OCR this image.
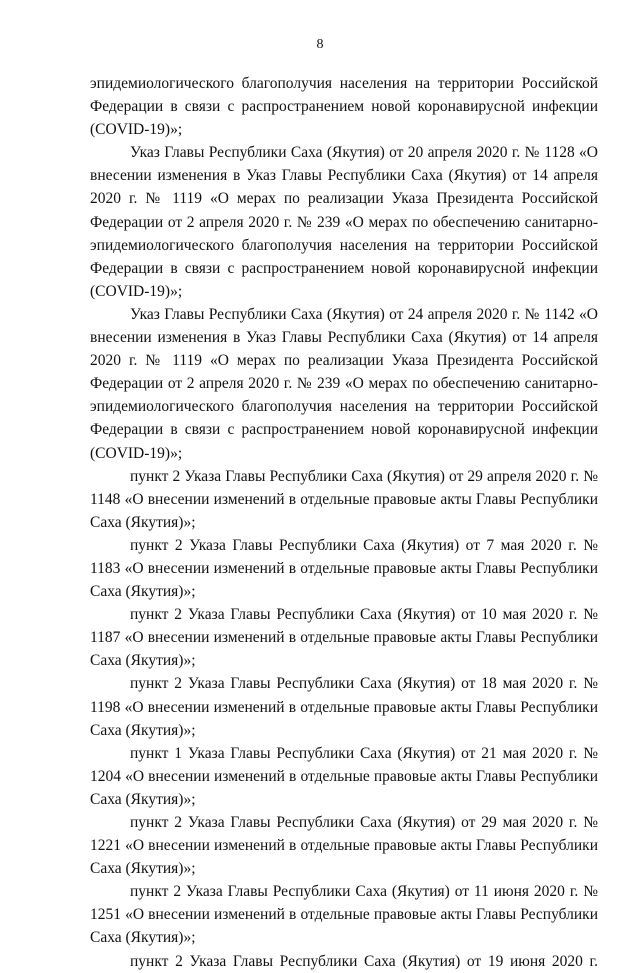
8

эпидемиологического благополучия населения на территории Российской Федерации в связи с распространением новой коронавирусной инфекции (COVID-19)»;

Указ Главы Республики Саха (Якутия) от 20 апреля 2020 г. № 1128 «О внесении изменения в Указ Главы Республики Саха (Якутия) от 14 апреля 2020 г. № 1119 «О мерах по реализации Указа Президента Российской Федерации от 2 апреля 2020 г. № 239 «О мерах по обеспечению санитарно-эпидемиологического благополучия населения на территории Российской Федерации в связи с распространением новой коронавирусной инфекции (COVID-19)»;

Указ Главы Республики Саха (Якутия) от 24 апреля 2020 г. № 1142 «О внесении изменения в Указ Главы Республики Саха (Якутия) от 14 апреля 2020 г. № 1119 «О мерах по реализации Указа Президента Российской Федерации от 2 апреля 2020 г. № 239 «О мерах по обеспечению санитарно-эпидемиологического благополучия населения на территории Российской Федерации в связи с распространением новой коронавирусной инфекции (COVID-19)»;

пункт 2 Указа Главы Республики Саха (Якутия) от 29 апреля 2020 г. № 1148 «О внесении изменений в отдельные правовые акты Главы Республики Саха (Якутия)»;

пункт 2 Указа Главы Республики Саха (Якутия) от 7 мая 2020 г. № 1183 «О внесении изменений в отдельные правовые акты Главы Республики Саха (Якутия)»;

пункт 2 Указа Главы Республики Саха (Якутия) от 10 мая 2020 г. № 1187 «О внесении изменений в отдельные правовые акты Главы Республики Саха (Якутия)»;

пункт 2 Указа Главы Республики Саха (Якутия) от 18 мая 2020 г. № 1198 «О внесении изменений в отдельные правовые акты Главы Республики Саха (Якутия)»;

пункт 1 Указа Главы Республики Саха (Якутия) от 21 мая 2020 г. № 1204 «О внесении изменений в отдельные правовые акты Главы Республики Саха (Якутия)»;

пункт 2 Указа Главы Республики Саха (Якутия) от 29 мая 2020 г. № 1221 «О внесении изменений в отдельные правовые акты Главы Республики Саха (Якутия)»;

пункт 2 Указа Главы Республики Саха (Якутия) от 11 июня 2020 г. № 1251 «О внесении изменений в отдельные правовые акты Главы Республики Саха (Якутия)»;

пункт 2 Указа Главы Республики Саха (Якутия) от 19 июня 2020 г.
